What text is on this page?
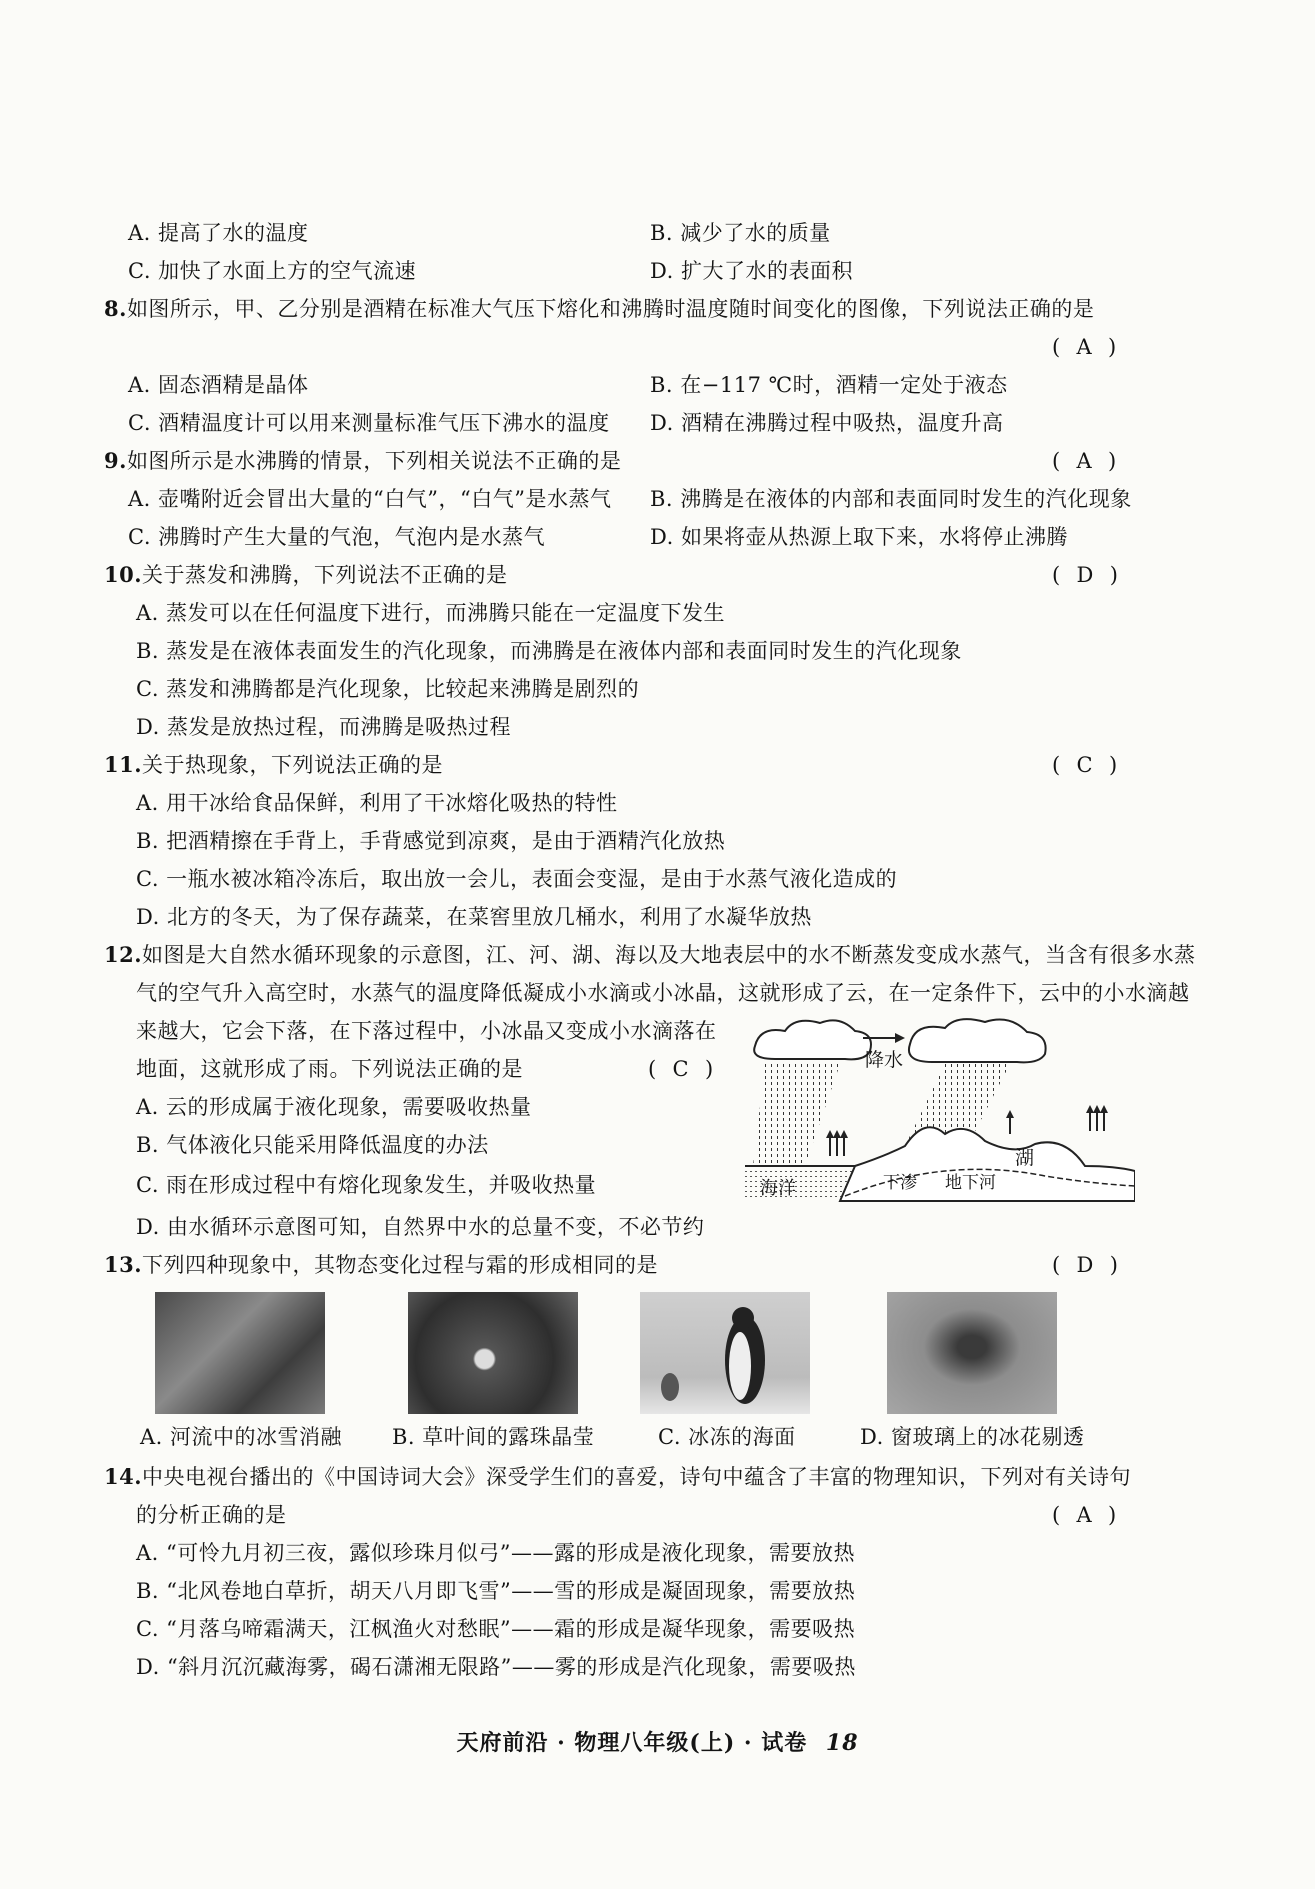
A. 提高了水的温度	B. 减少了水的质量
C. 加快了水面上方的空气流速	D. 扩大了水的表面积
8.如图所示，甲、乙分别是酒精在标准大气压下熔化和沸腾时温度随时间变化的图像，下列说法正确的是
(  A  )
A. 固态酒精是晶体	B. 在−117 ℃时，酒精一定处于液态
C. 酒精温度计可以用来测量标准气压下沸水的温度 D. 酒精在沸腾过程中吸热，温度升高
9.如图所示是水沸腾的情景，下列相关说法不正确的是	(  A  )
A. 壶嘴附近会冒出大量的“白气”，“白气”是水蒸气 B. 沸腾是在液体的内部和表面同时发生的汽化现象
C. 沸腾时产生大量的气泡，气泡内是水蒸气	D. 如果将壶从热源上取下来，水将停止沸腾
10.关于蒸发和沸腾，下列说法不正确的是	(  D  )
A. 蒸发可以在任何温度下进行，而沸腾只能在一定温度下发生
B. 蒸发是在液体表面发生的汽化现象，而沸腾是在液体内部和表面同时发生的汽化现象
C. 蒸发和沸腾都是汽化现象，比较起来沸腾是剧烈的
D. 蒸发是放热过程，而沸腾是吸热过程
11.关于热现象，下列说法正确的是	(  C  )
A. 用干冰给食品保鲜，利用了干冰熔化吸热的特性
B. 把酒精擦在手背上，手背感觉到凉爽，是由于酒精汽化放热
C. 一瓶水被冰箱冷冻后，取出放一会儿，表面会变湿，是由于水蒸气液化造成的
D. 北方的冬天，为了保存蔬菜，在菜窖里放几桶水，利用了水凝华放热
12.如图是大自然水循环现象的示意图，江、河、湖、海以及大地表层中的水不断蒸发变成水蒸气，当含有很多水蒸
气的空气升入高空时，水蒸气的温度降低凝成小水滴或小冰晶，这就形成了云，在一定条件下，云中的小水滴越
来越大，它会下落，在下落过程中，小冰晶又变成小水滴落在
地面，这就形成了雨。下列说法正确的是	(  C  )
A. 云的形成属于液化现象，需要吸收热量
B. 气体液化只能采用降低温度的办法
C. 雨在形成过程中有熔化现象发生，并吸收热量
D. 由水循环示意图可知，自然界中水的总量不变，不必节约
降水
海洋	下渗 地下河
湖
13.下列四种现象中，其物态变化过程与霜的形成相同的是	(  D  )
A. 河流中的冰雪消融 B. 草叶间的露珠晶莹	C. 冰冻的海面	D. 窗玻璃上的冰花剔透
14.中央电视台播出的《中国诗词大会》深受学生们的喜爱，诗句中蕴含了丰富的物理知识，下列对有关诗句
的分析正确的是	(  A  )
A. “可怜九月初三夜，露似珍珠月似弓”——露的形成是液化现象，需要放热
B. “北风卷地白草折，胡天八月即飞雪”——雪的形成是凝固现象，需要放热
C. “月落乌啼霜满天，江枫渔火对愁眠”——霜的形成是凝华现象，需要吸热
D. “斜月沉沉藏海雾，碣石潇湘无限路”——雾的形成是汽化现象，需要吸热
天府前沿 · 物理八年级(上) · 试卷 18
